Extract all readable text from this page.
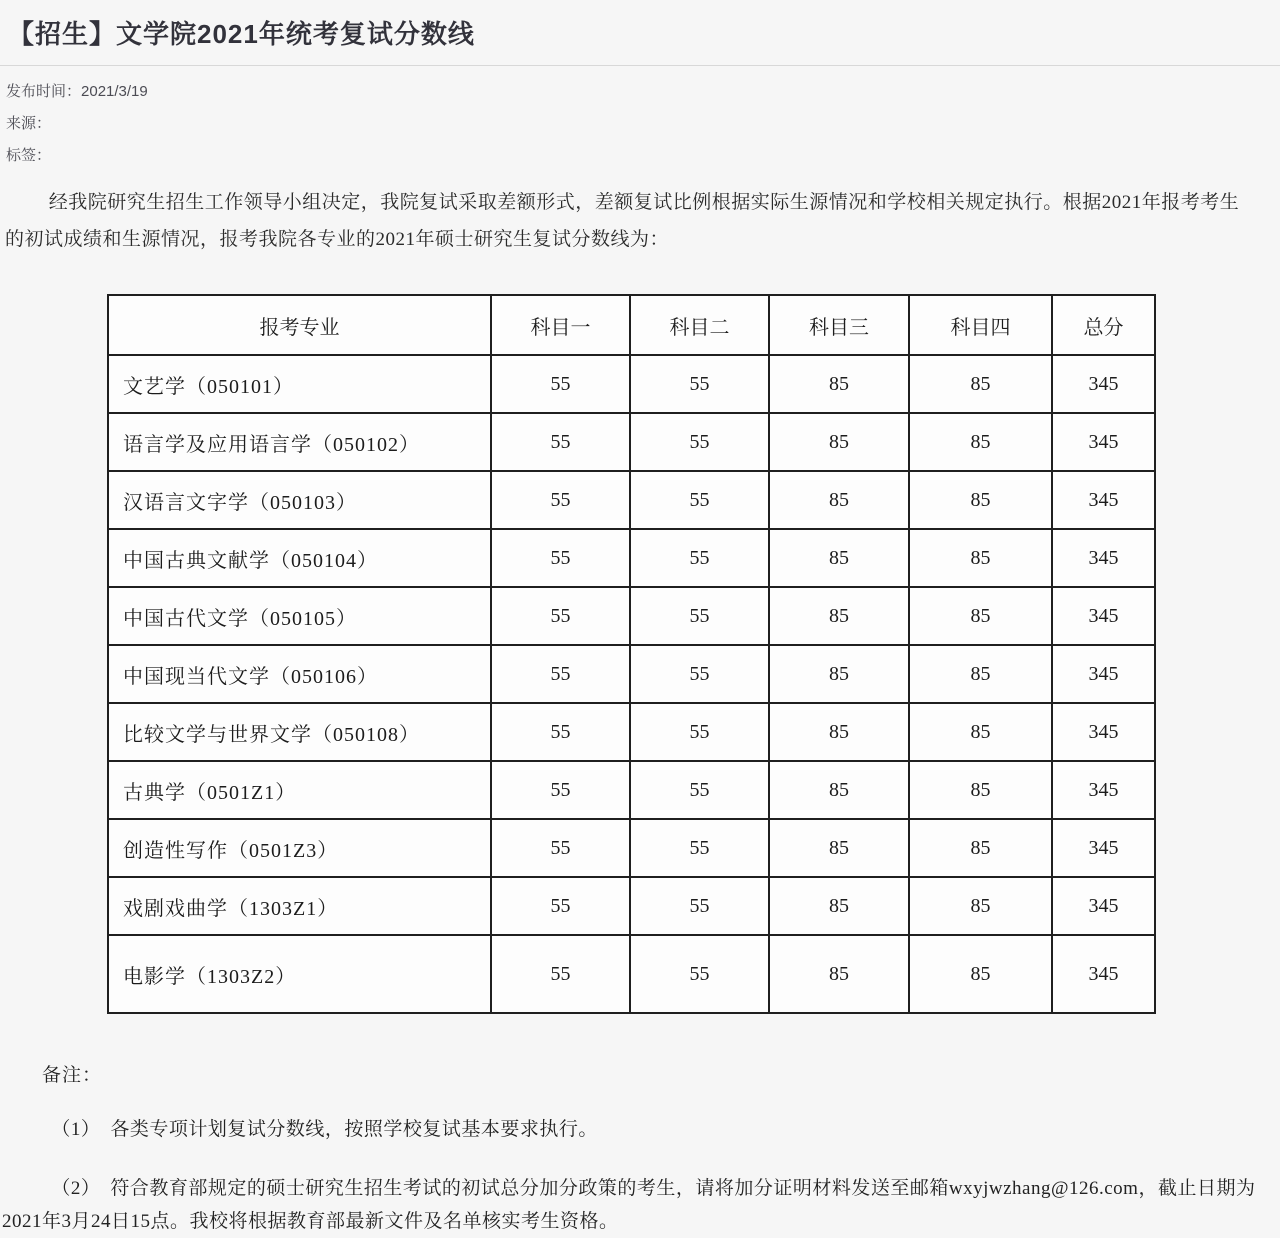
【招生】文学院2021年统考复试分数线
发布时间：2021/3/19
来源：
标签：

经我院研究生招生工作领导小组决定，我院复试采取差额形式，差额复试比例根据实际生源情况和学校相关规定执行。根据2021年报考考生的初试成绩和生源情况，报考我院各专业的2021年硕士研究生复试分数线为：

报考专业	科目一	科目二	科目三	科目四	总分
文艺学（050101）	55	55	85	85	345
语言学及应用语言学（050102）	55	55	85	85	345
汉语言文字学（050103）	55	55	85	85	345
中国古典文献学（050104）	55	55	85	85	345
中国古代文学（050105）	55	55	85	85	345
中国现当代文学（050106）	55	55	85	85	345
比较文学与世界文学（050108）	55	55	85	85	345
古典学（0501Z1）	55	55	85	85	345
创造性写作（0501Z3）	55	55	85	85	345
戏剧戏曲学（1303Z1）	55	55	85	85	345
电影学（1303Z2）	55	55	85	85	345

备注：

（1）　各类专项计划复试分数线，按照学校复试基本要求执行。

（2）　符合教育部规定的硕士研究生招生考试的初试总分加分政策的考生，请将加分证明材料发送至邮箱wxyjwzhang@126.com，截止日期为2021年3月24日15点。我校将根据教育部最新文件及名单核实考生资格。
